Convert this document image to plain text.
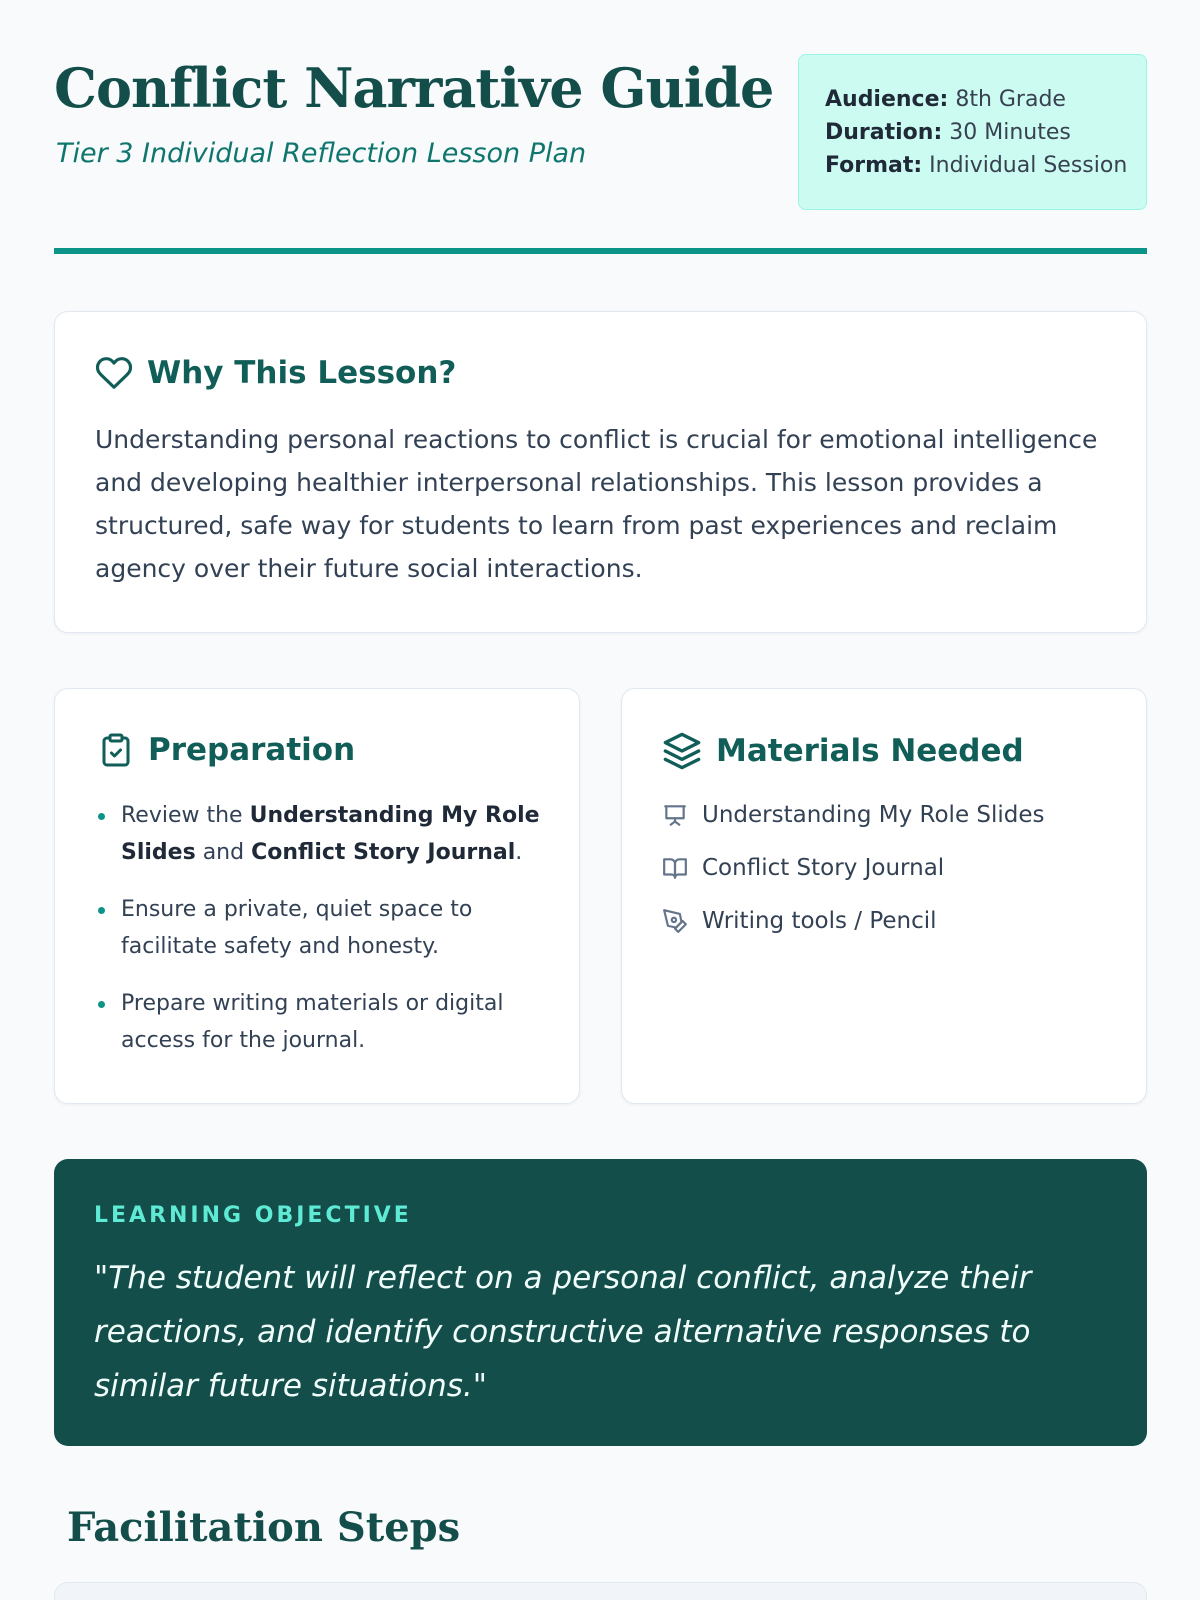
Conflict Narrative Guide
Tier 3 Individual Reflection Lesson Plan
Audience: 8th Grade
Duration: 30 Minutes
Format: Individual Session
Why This Lesson?

Understanding personal reactions to conflict is crucial for emotional intelligence and developing healthier interpersonal relationships. This lesson provides a structured, safe way for students to learn from past experiences and reclaim agency over their future social interactions.

Preparation
Review the Understanding My Role Slides and Conflict Story Journal.
Ensure a private, quiet space to facilitate safety and honesty.
Prepare writing materials or digital access for the journal.
Materials Needed
Understanding My Role Slides
Conflict Story Journal
Writing tools / Pencil
LEARNING OBJECTIVE

"The student will reflect on a personal conflict, analyze their reactions, and identify constructive alternative responses to similar future situations."

Facilitation Steps
